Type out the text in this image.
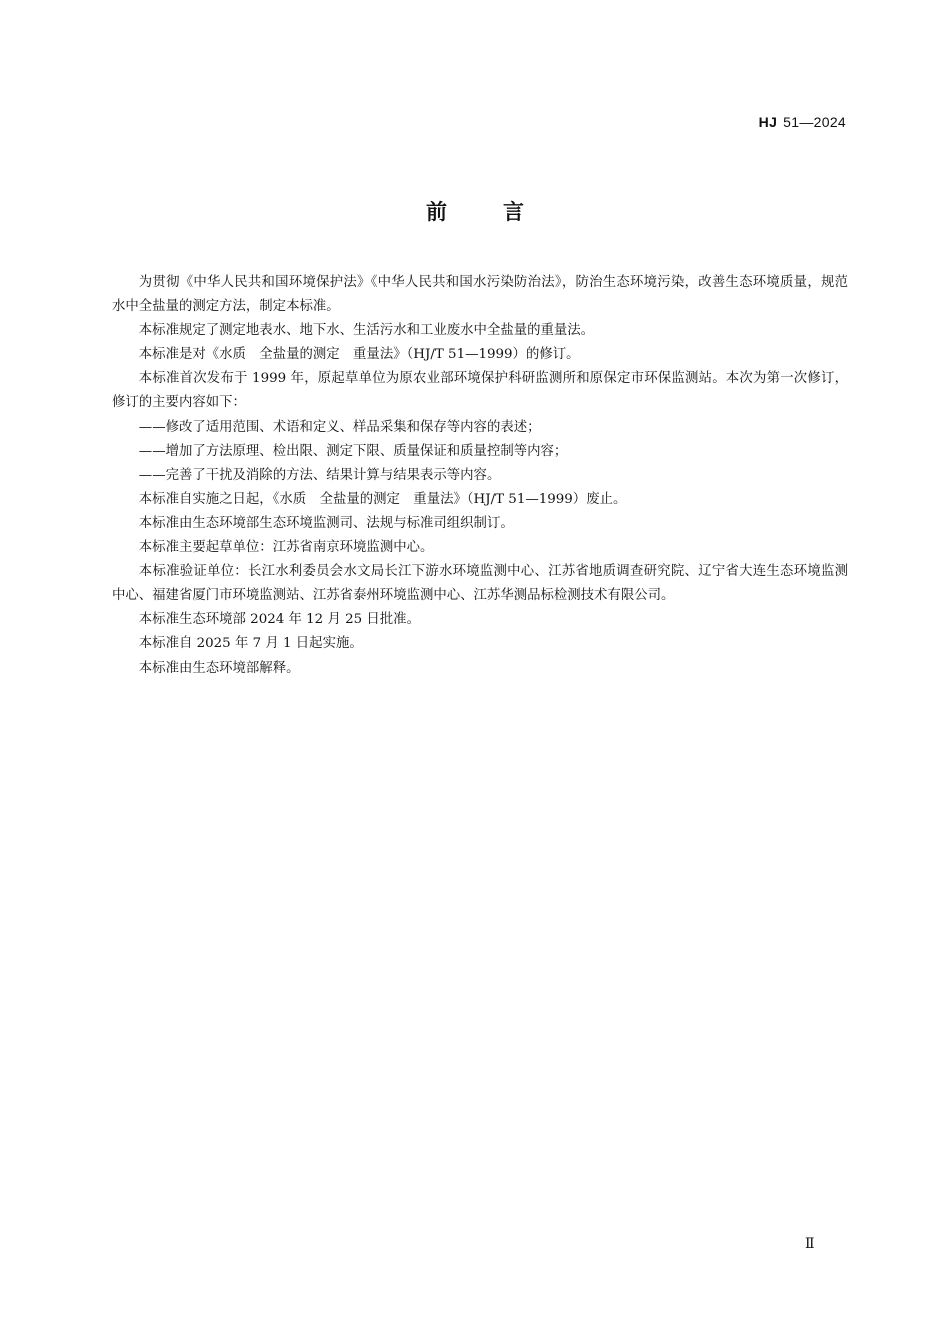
HJ 51—2024
前言

为贯彻《中华人民共和国环境保护法》《中华人民共和国水污染防治法》，防治生态环境污染，改善生态环境质量，规范水中全盐量的测定方法，制定本标准。

本标准规定了测定地表水、地下水、生活污水和工业废水中全盐量的重量法。

本标准是对《水质　全盐量的测定　重量法》（HJ/T 51—1999）的修订。

本标准首次发布于 1999 年，原起草单位为原农业部环境保护科研监测所和原保定市环保监测站。本次为第一次修订，修订的主要内容如下：

——修改了适用范围、术语和定义、样品采集和保存等内容的表述；

——增加了方法原理、检出限、测定下限、质量保证和质量控制等内容；

——完善了干扰及消除的方法、结果计算与结果表示等内容。

本标准自实施之日起，《水质　全盐量的测定　重量法》（HJ/T 51—1999）废止。

本标准由生态环境部生态环境监测司、法规与标准司组织制订。

本标准主要起草单位：江苏省南京环境监测中心。

本标准验证单位：长江水利委员会水文局长江下游水环境监测中心、江苏省地质调查研究院、辽宁省大连生态环境监测中心、福建省厦门市环境监测站、江苏省泰州环境监测中心、江苏华测品标检测技术有限公司。

本标准生态环境部 2024 年 12 月 25 日批准。

本标准自 2025 年 7 月 1 日起实施。

本标准由生态环境部解释。

Ⅱ
